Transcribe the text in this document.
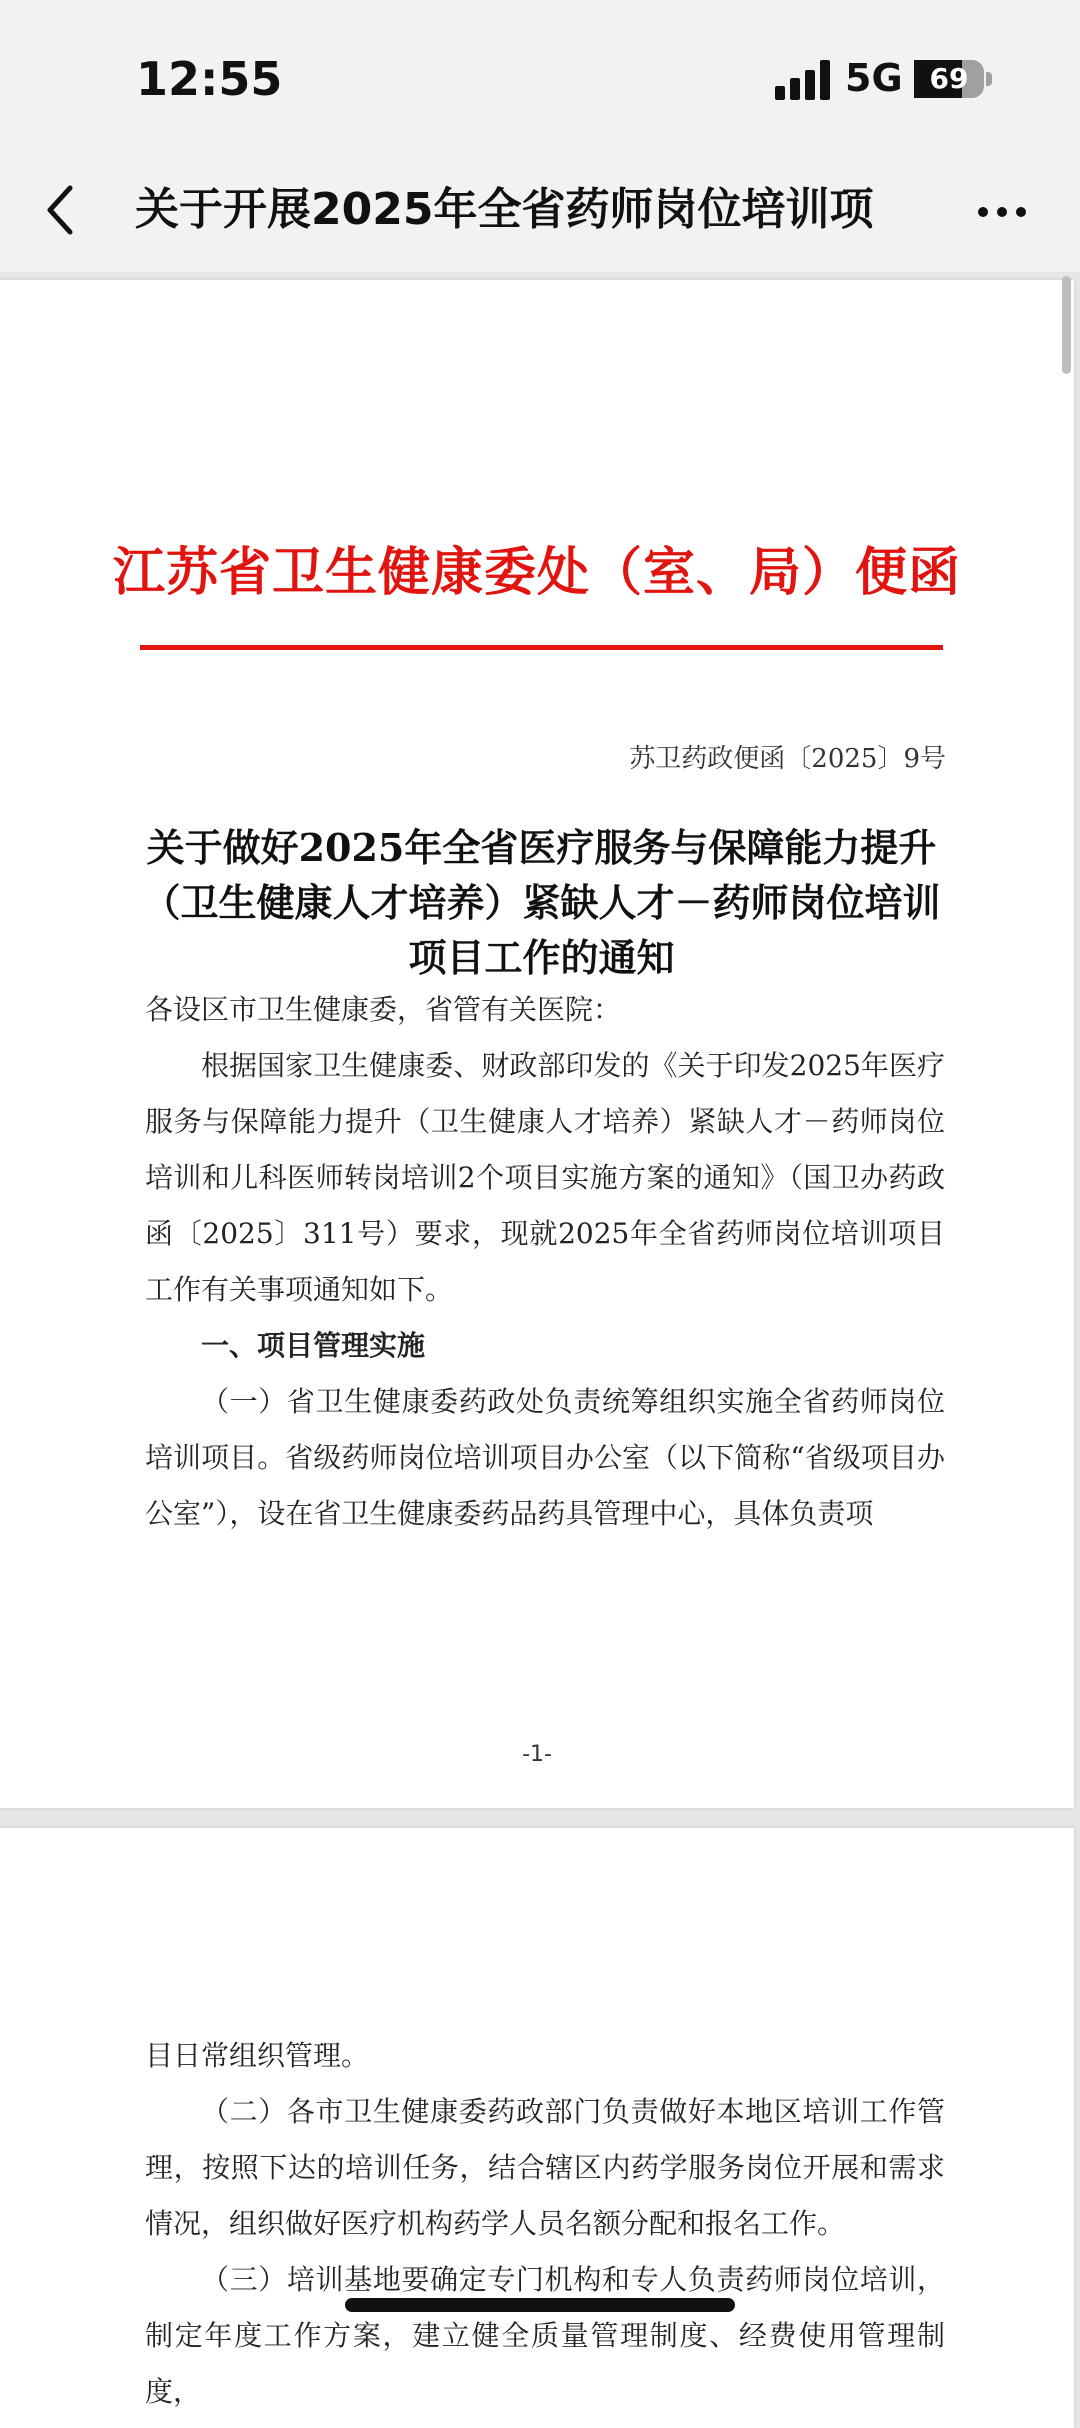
12:55	5G 69
关于开展2025年全省药师岗位培训项
江苏省卫生健康委处（室、局）便函
苏卫药政便函〔2025〕9号
关于做好2025年全省医疗服务与保障能力提升（卫生健康人才培养）紧缺人才－药师岗位培训项目工作的通知

各设区市卫生健康委，省管有关医院：

根据国家卫生健康委、财政部印发的《关于印发2025年医疗服务与保障能力提升（卫生健康人才培养）紧缺人才－药师岗位培训和儿科医师转岗培训2个项目实施方案的通知》（国卫办药政函〔2025〕311号）要求，现就2025年全省药师岗位培训项目工作有关事项通知如下。

一、项目管理实施

（一）省卫生健康委药政处负责统筹组织实施全省药师岗位培训项目。省级药师岗位培训项目办公室（以下简称“省级项目办公室”），设在省卫生健康委药品药具管理中心，具体负责项

-1-

目日常组织管理。

（二）各市卫生健康委药政部门负责做好本地区培训工作管理，按照下达的培训任务，结合辖区内药学服务岗位开展和需求情况，组织做好医疗机构药学人员名额分配和报名工作。

（三）培训基地要确定专门机构和专人负责药师岗位培训，制定年度工作方案，建立健全质量管理制度、经费使用管理制度，
